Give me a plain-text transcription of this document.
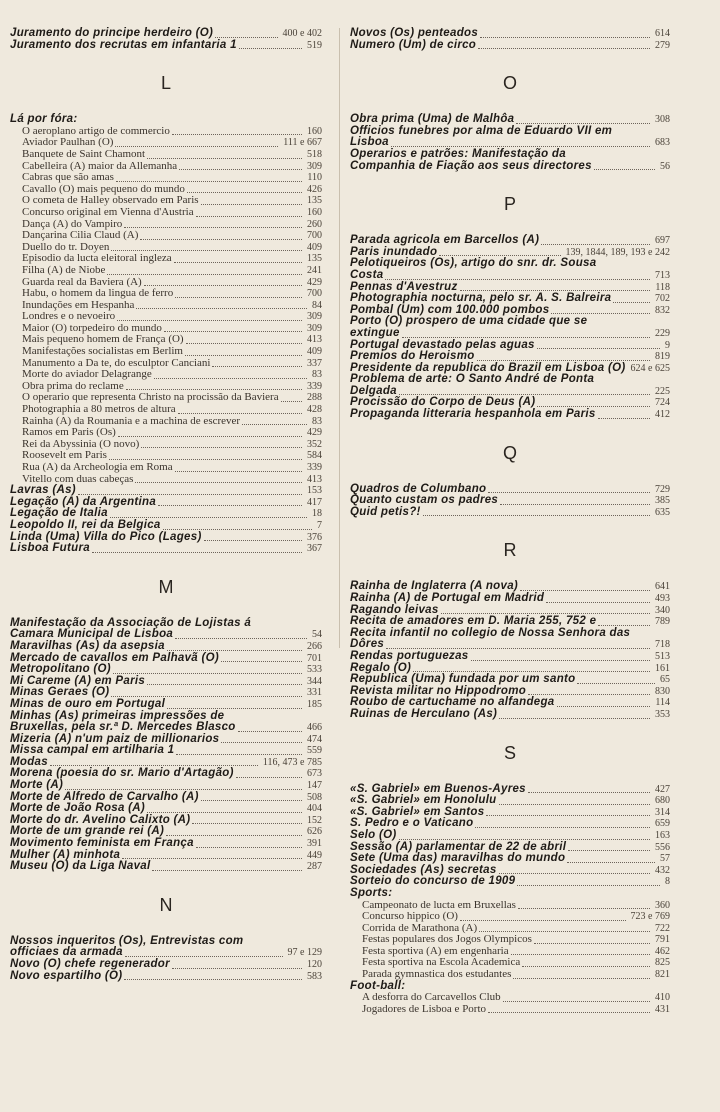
Juramento do principe herdeiro (O)	400 e 402
Juramento dos recrutas em infantaria 1	519
L
Lá por fóra:
O aeroplano artigo de commercio	160
Aviador Paulhan (O)	111 e 667
Banquete de Saint Chamont	518
Cabelleira (A) maior da Allemanha	309
Cabras que são amas	110
Cavallo (O) mais pequeno do mundo	426
O cometa de Halley observado em Paris	135
Concurso original em Vienna d'Austria	160
Dança (A) do Vampiro	260
Dançarina Cilia Claud (A)	700
Duello do tr. Doyen	409
Episodio da lucta eleitoral ingleza	135
Filha (A) de Niobe	241
Guarda real da Baviera (A)	429
Habu, o homem da lingua de ferro	700
Inundações em Hespanha	84
Londres e o nevoeiro	309
Maior (O) torpedeiro do mundo	309
Mais pequeno homem de França (O)	413
Manifestações socialistas em Berlim	409
Manumento a Da te, do esculptor Canciani	337
Morte do aviador Delagrange	83
Obra prima do reclame	339
O operario que representa Christo na procissão da Baviera	288
Photographia a 80 metros de altura	428
Rainha (A) da Roumania e a machina de escrever	83
Ramos em Paris (Os)	429
Rei da Abyssinia (O novo)	352
Roosevelt em Paris	584
Rua (A) da Archeologia em Roma	339
Vitello com duas cabeças	413
Lavras (As)	153
Legação (A) da Argentina	417
Legação de Italia	18
Leopoldo II, rei da Belgica	7
Linda (Uma) Villa do Pico (Lages)	376
Lisboa Futura	367
M
Manifestação da Associação de Lojistas á Camara Municipal de Lisboa	54
Maravilhas (As) da asepsia	266
Mercado de cavallos em Palhavã (O)	701
Metropolitano (O)	533
Mi Careme (A) em Paris	344
Minas Geraes (O)	331
Minas de ouro em Portugal	185
Minhas (As) primeiras impressões de Bruxellas, pela sr.ª D. Mercedes Blasco	466
Mizeria (A) n'um paiz de millionarios	474
Missa campal em artilharia 1	559
Modas	116, 473 e 785
Morena (poesia do sr. Mario d'Artagão)	673
Morte (A)	147
Morte de Alfredo de Carvalho (A)	508
Morte de João Rosa (A)	404
Morte do dr. Avelino Calixto (A)	152
Morte de um grande rei (A)	626
Movimento feminista em França	391
Mulher (A) minhota	449
Museu (O) da Liga Naval	287
N
Nossos inqueritos (Os), Entrevistas com officiaes da armada	97 e 129
Novo (O) chefe regenerador	120
Novo espartilho (O)	583
Novos (Os) penteados	614
Numero (Um) de circo	279
O
Obra prima (Uma) de Malhôa	308
Officios funebres por alma de Eduardo VII em Lisboa	683
Operarios e patrões: Manifestação da Companhia de Fiação aos seus directores	56
P
Parada agricola em Barcellos (A)	697
Paris inundado	139, 1844, 189, 193 e 242
Pelotiqueiros (Os), artigo do snr. dr. Sousa Costa	713
Pennas d'Avestruz	118
Photographia nocturna, pelo sr. A. S. Balreira	702
Pombal (Um) com 100.000 pombos	832
Porto (O) prospero de uma cidade que se extingue	229
Portugal devastado pelas aguas	9
Premios do Heroismo	819
Presidente da republica do Brazil em Lisboa (O) 624 e 625
Problema de arte: O Santo André de Ponta Delgada	225
Procissão do Corpo de Deus (A)	724
Propaganda litteraria hespanhola em Paris	412
Q
Quadros de Columbano	729
Quanto custam os padres	385
Quid petis?!	635
R
Rainha de Inglaterra (A nova)	641
Rainha (A) de Portugal em Madrid	493
Ragando leivas	340
Recita de amadores em D. Maria 255, 752 e	789
Recita infantil no collegio de Nossa Senhora das Dôres	718
Rendas portuguezas	513
Regalo (O)	161
Republica (Uma) fundada por um santo	65
Revista militar no Hippodromo	830
Roubo de cartuchame no alfandega	114
Ruinas de Herculano (As)	353
S
«S. Gabriel» em Buenos-Ayres	427
«S. Gabriel» em Honolulu	680
«S. Gabriel» em Santos	314
S. Pedro e o Vaticano	659
Selo (O)	163
Sessão (A) parlamentar de 22 de abril	556
Sete (Uma das) maravilhas do mundo	57
Sociedades (As) secretas	432
Sorteio do concurso de 1909	8
Sports:
Campeonato de lucta em Bruxellas	360
Concurso hippico (O)	723 e 769
Corrida de Marathona (A)	722
Festas populares dos Jogos Olympicos	791
Festa sportiva (A) em engenharia	462
Festa sportiva na Escola Academica	825
Parada gymnastica dos estudantes	821
Foot-ball:
A desforra do Carcavellos Club	410
Jogadores de Lisboa e Porto	431
